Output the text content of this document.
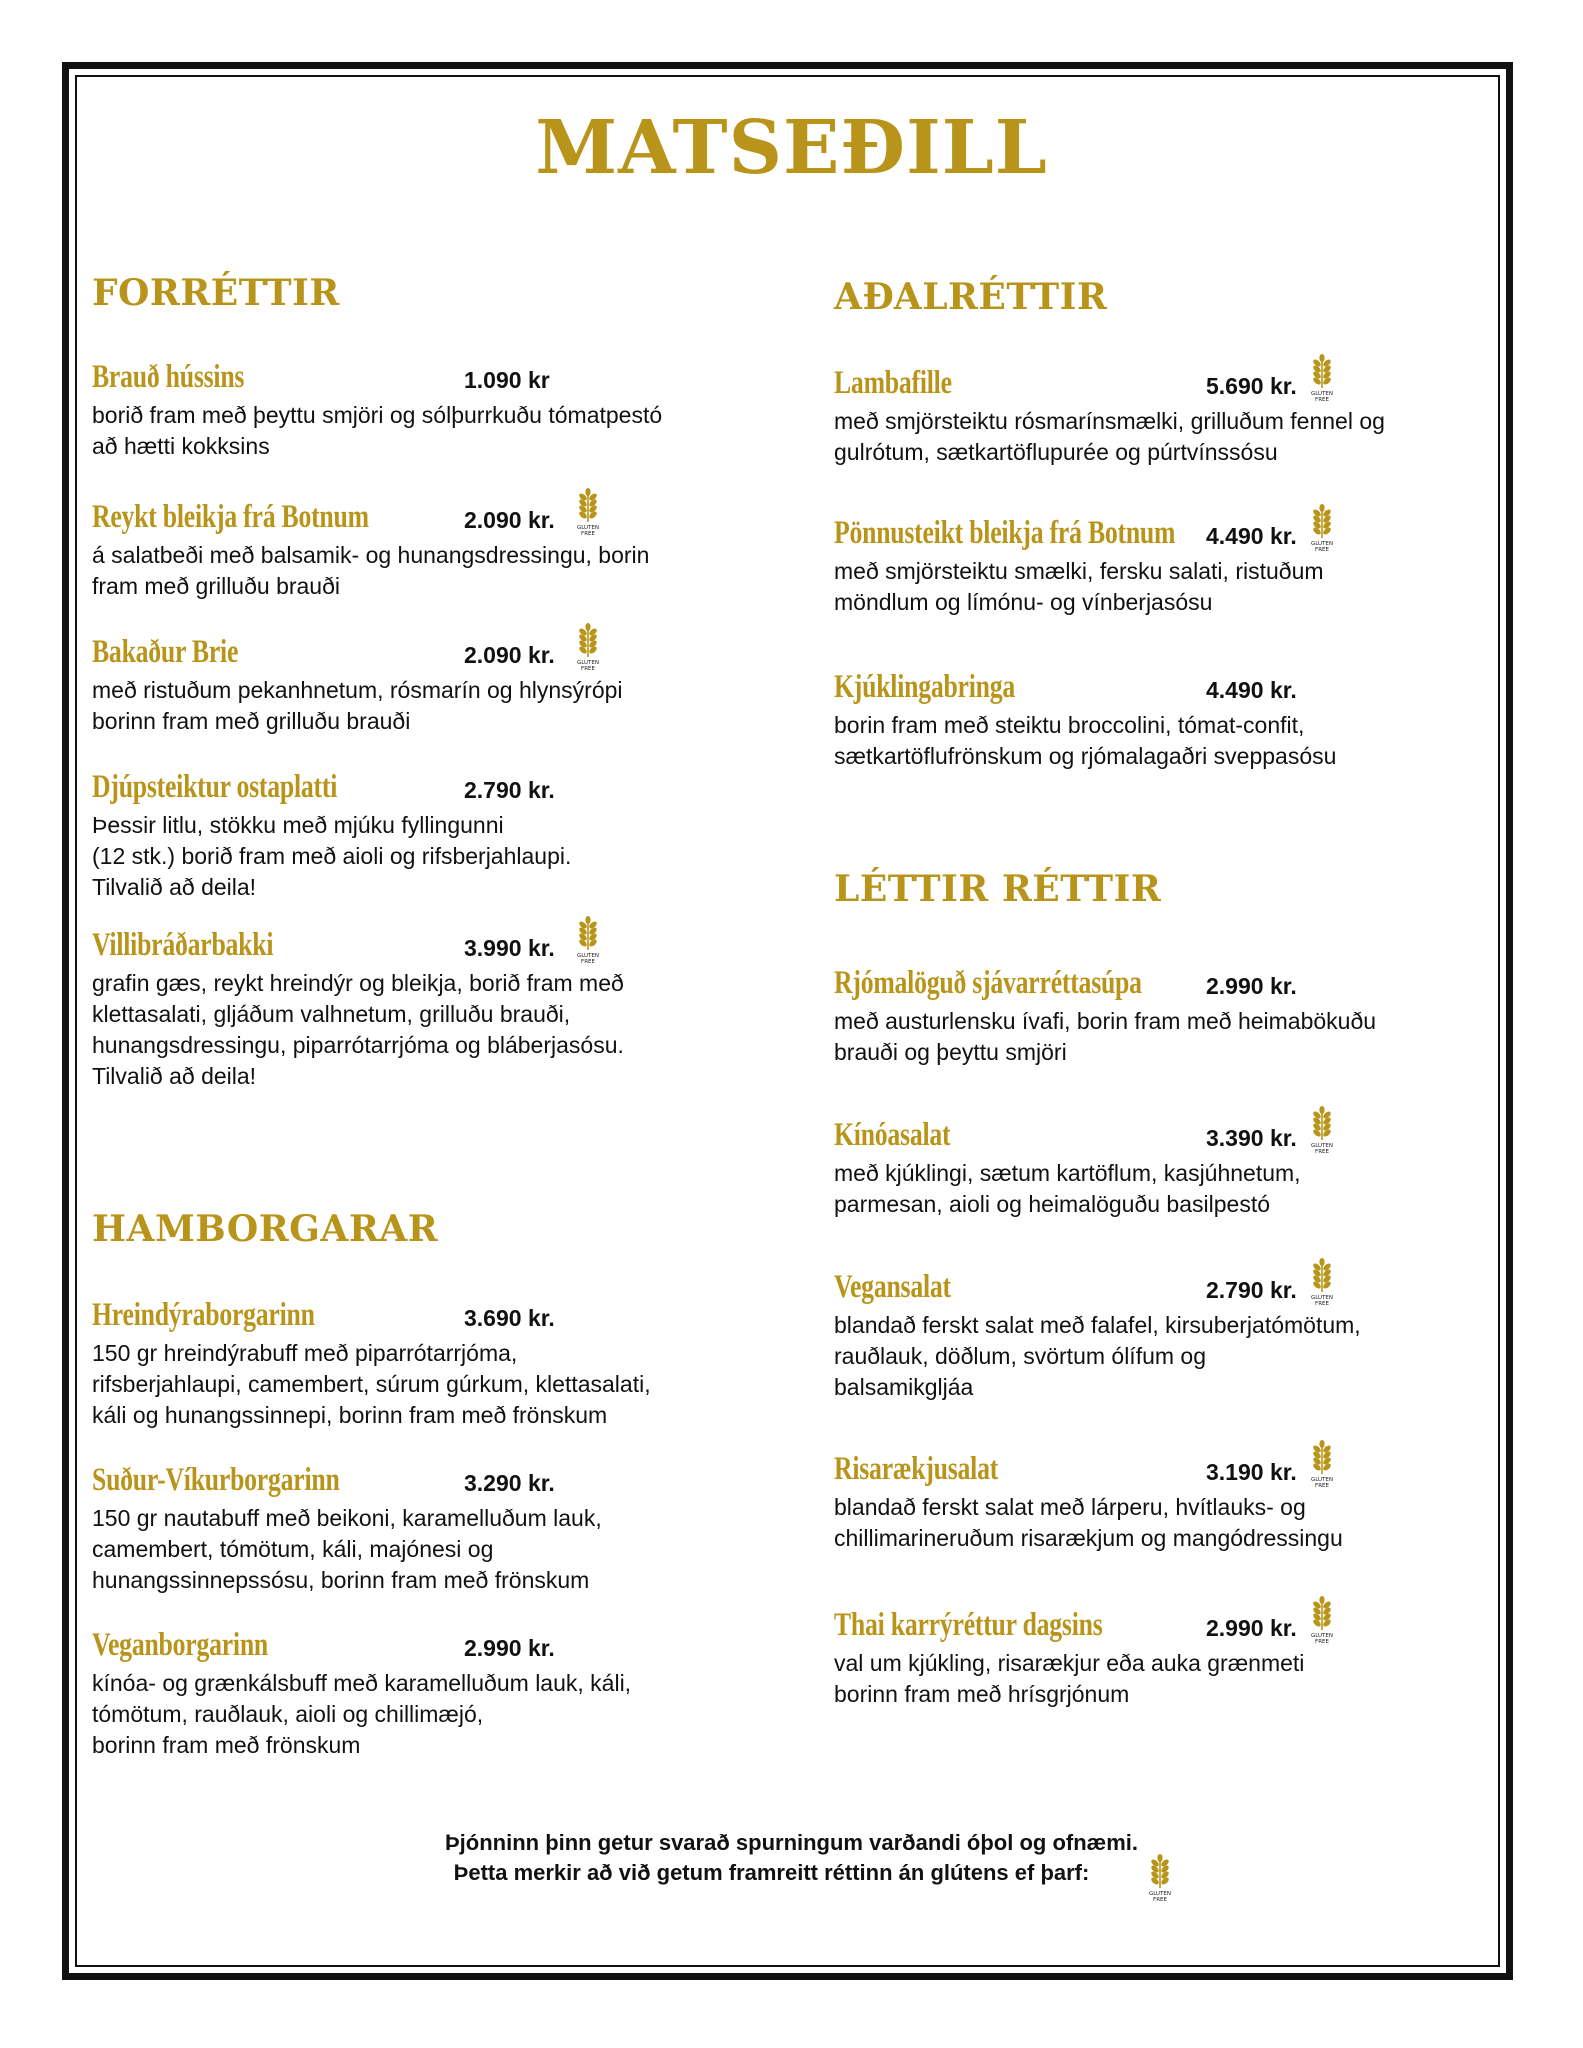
MATSEÐILL
FORRÉTTIR	AÐALRÉTTIR
HAMBORGARAR
LÉTTIR RÉTTIR
Brauð hússins	1.090 kr
borið fram með þeyttu smjöri og sólþurrkuðu tómatpestó
að hætti kokksins
Reykt bleikja frá Botnum	2.090 kr.	GLUTEN
FREE
á salatbeði með balsamik- og hunangsdressingu, borin
fram með grilluðu brauði
Bakaður Brie	2.090 kr.	GLUTEN
FREE
með ristuðum pekanhnetum, rósmarín og hlynsýrópi
borinn fram með grilluðu brauði
Djúpsteiktur ostaplatti	2.790 kr.
Þessir litlu, stökku með mjúku fyllingunni
(12 stk.) borið fram með aioli og rifsberjahlaupi.
Tilvalið að deila!
Villibráðarbakki	3.990 kr.	GLUTEN
FREE
grafin gæs, reykt hreindýr og bleikja, borið fram með
klettasalati, gljáðum valhnetum, grilluðu brauði,
hunangsdressingu, piparrótarrjóma og bláberjasósu.
Tilvalið að deila!
Hreindýraborgarinn	3.690 kr.
150 gr hreindýrabuff með piparrótarrjóma,
rifsberjahlaupi, camembert, súrum gúrkum, klettasalati,
káli og hunangssinnepi, borinn fram með frönskum
Suður-Víkurborgarinn	3.290 kr.
150 gr nautabuff með beikoni, karamelluðum lauk,
camembert, tómötum, káli, majónesi og
hunangssinnepssósu, borinn fram með frönskum
Veganborgarinn	2.990 kr.
kínóa- og grænkálsbuff með karamelluðum lauk, káli,
tómötum, rauðlauk, aioli og chillimæjó,
borinn fram með frönskum
Lambafille	5.690 kr.	GLUTEN
FREE
með smjörsteiktu rósmarínsmælki, grilluðum fennel og
gulrótum, sætkartöflupurée og púrtvínssósu
Pönnusteikt bleikja frá Botnum 4.490 kr.	GLUTEN
FREE
með smjörsteiktu smælki, fersku salati, ristuðum
möndlum og límónu- og vínberjasósu
Kjúklingabringa	4.490 kr.
borin fram með steiktu broccolini, tómat-confit,
sætkartöflufrönskum og rjómalagaðri sveppasósu
Rjómalöguð sjávarréttasúpa	2.990 kr.
með austurlensku ívafi, borin fram með heimabökuðu
brauði og þeyttu smjöri
Kínóasalat	3.390 kr.	GLUTEN
FREE
með kjúklingi, sætum kartöflum, kasjúhnetum,
parmesan, aioli og heimalöguðu basilpestó
Vegansalat	2.790 kr.	GLUTEN
FREE
blandað ferskt salat með falafel, kirsuberjatómötum,
rauðlauk, döðlum, svörtum ólífum og
balsamikgljáa
Risarækjusalat	3.190 kr.	GLUTEN
FREE
blandað ferskt salat með lárperu, hvítlauks- og
chillimarineruðum risarækjum og mangódressingu
Thai karrýréttur dagsins	2.990 kr.	GLUTEN
FREE
val um kjúkling, risarækjur eða auka grænmeti
borinn fram með hrísgrjónum
Þjónninn þinn getur svarað spurningum varðandi óþol og ofnæmi.
Þetta merkir að við getum framreitt réttinn án glútens ef þarf:
GLUTEN
FREE
